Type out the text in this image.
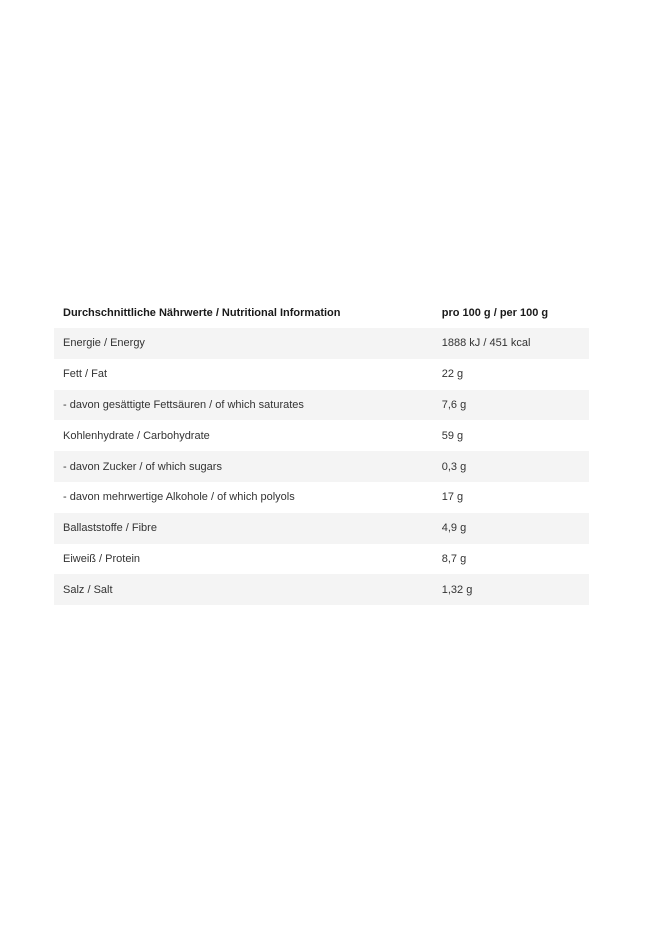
Durchschnittliche Nährwerte / Nutritional Information	pro 100 g / per 100 g
Energie / Energy	1888 kJ / 451 kcal
Fett / Fat	22 g
- davon gesättigte Fettsäuren / of which saturates	7,6 g
Kohlenhydrate / Carbohydrate	59 g
- davon Zucker / of which sugars	0,3 g
- davon mehrwertige Alkohole / of which polyols	17 g
Ballaststoffe / Fibre	4,9 g
Eiweiß / Protein	8,7 g
Salz / Salt	1,32 g
